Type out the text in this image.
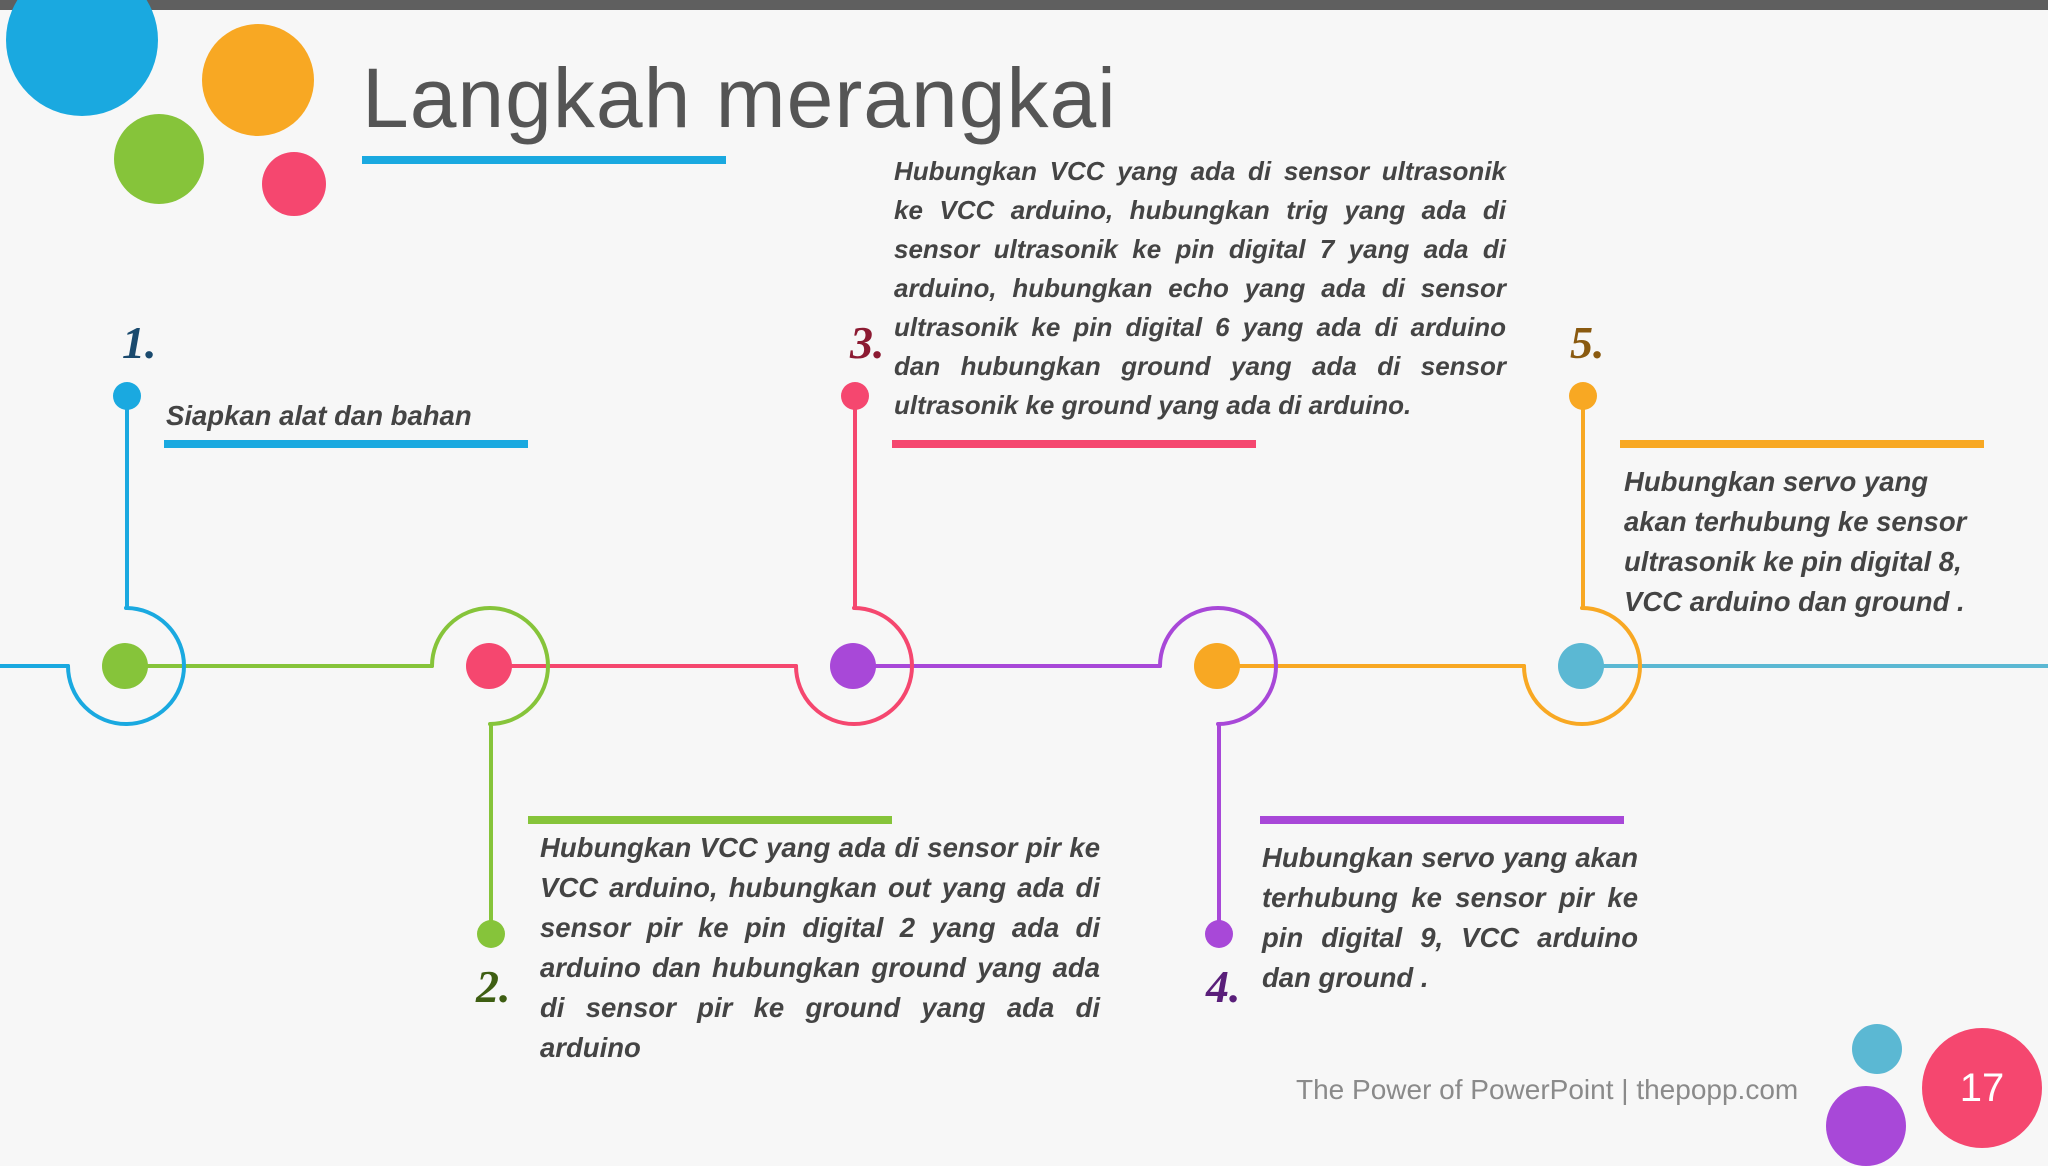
Langkah merangkai
1.
2.
3.
4.
5.

Siapkan alat dan bahan

Hubungkan VCC yang ada di sensor pir ke VCC arduino, hubungkan out yang ada di sensor pir ke pin digital 2 yang ada di arduino dan hubungkan ground yang ada di sensor pir ke ground yang ada di arduino

Hubungkan VCC yang ada di sensor ultrasonik ke VCC arduino, hubungkan trig yang ada di sensor ultrasonik ke pin digital 7 yang ada di arduino, hubungkan echo yang ada di sensor ultrasonik ke pin digital 6 yang ada di arduino dan hubungkan ground yang ada di sensor ultrasonik ke ground yang ada di arduino.

Hubungkan servo yang akan terhubung ke sensor pir ke pin digital 9, VCC arduino dan ground .

Hubungkan servo yang akan terhubung ke sensor ultrasonik ke pin digital 8, VCC arduino dan ground .

The Power of PowerPoint | thepopp.com	17
